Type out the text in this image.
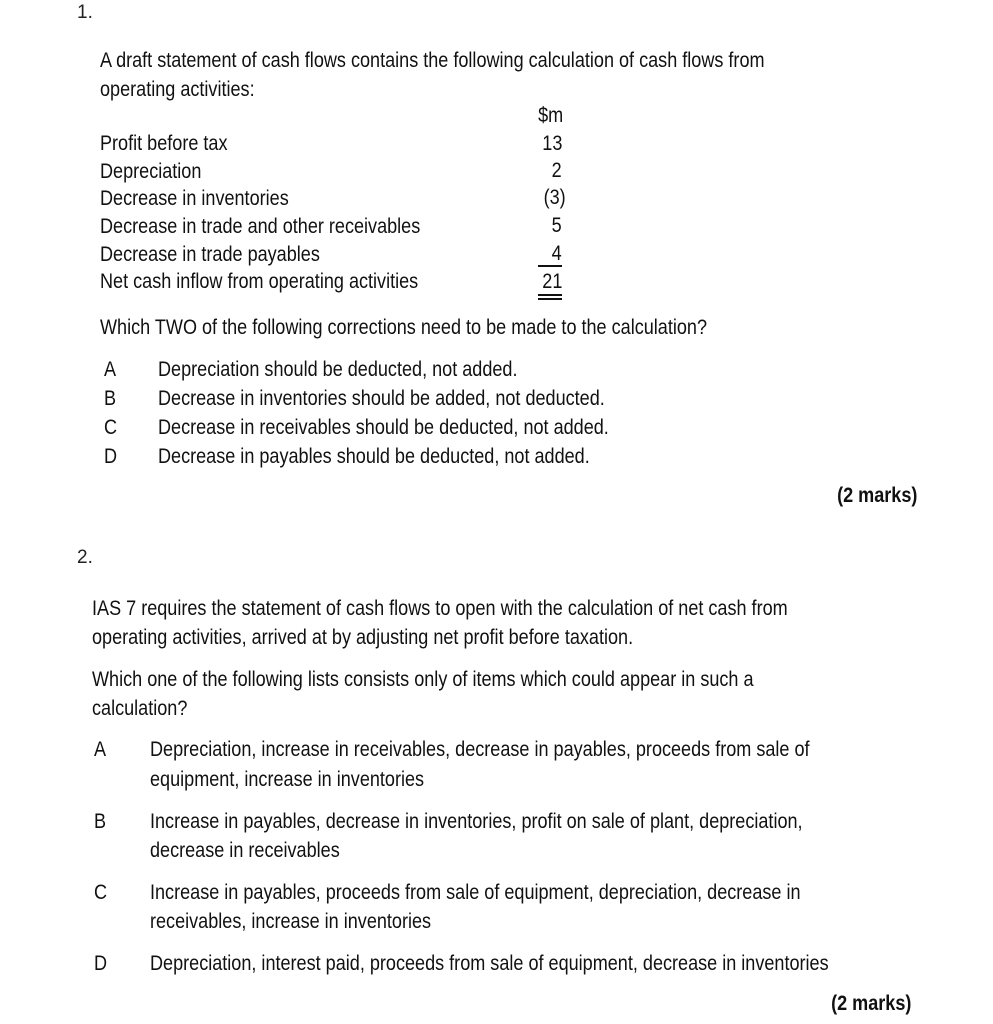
1.
A draft statement of cash flows contains the following calculation of cash flows from
operating activities:
$m
Profit before tax	13
Depreciation	2
Decrease in inventories	(3)
Decrease in trade and other receivables	5
Decrease in trade payables	4
Net cash inflow from operating activities	21
Which TWO of the following corrections need to be made to the calculation?
A Depreciation should be deducted, not added.
B Decrease in inventories should be added, not deducted.
C Decrease in receivables should be deducted, not added.
D Decrease in payables should be deducted, not added.
(2 marks)
2.
IAS 7 requires the statement of cash flows to open with the calculation of net cash from
operating activities, arrived at by adjusting net profit before taxation.
Which one of the following lists consists only of items which could appear in such a
calculation?
A Depreciation, increase in receivables, decrease in payables, proceeds from sale of
equipment, increase in inventories
B Increase in payables, decrease in inventories, profit on sale of plant, depreciation,
decrease in receivables
C Increase in payables, proceeds from sale of equipment, depreciation, decrease in
receivables, increase in inventories
D Depreciation, interest paid, proceeds from sale of equipment, decrease in inventories
(2 marks)
